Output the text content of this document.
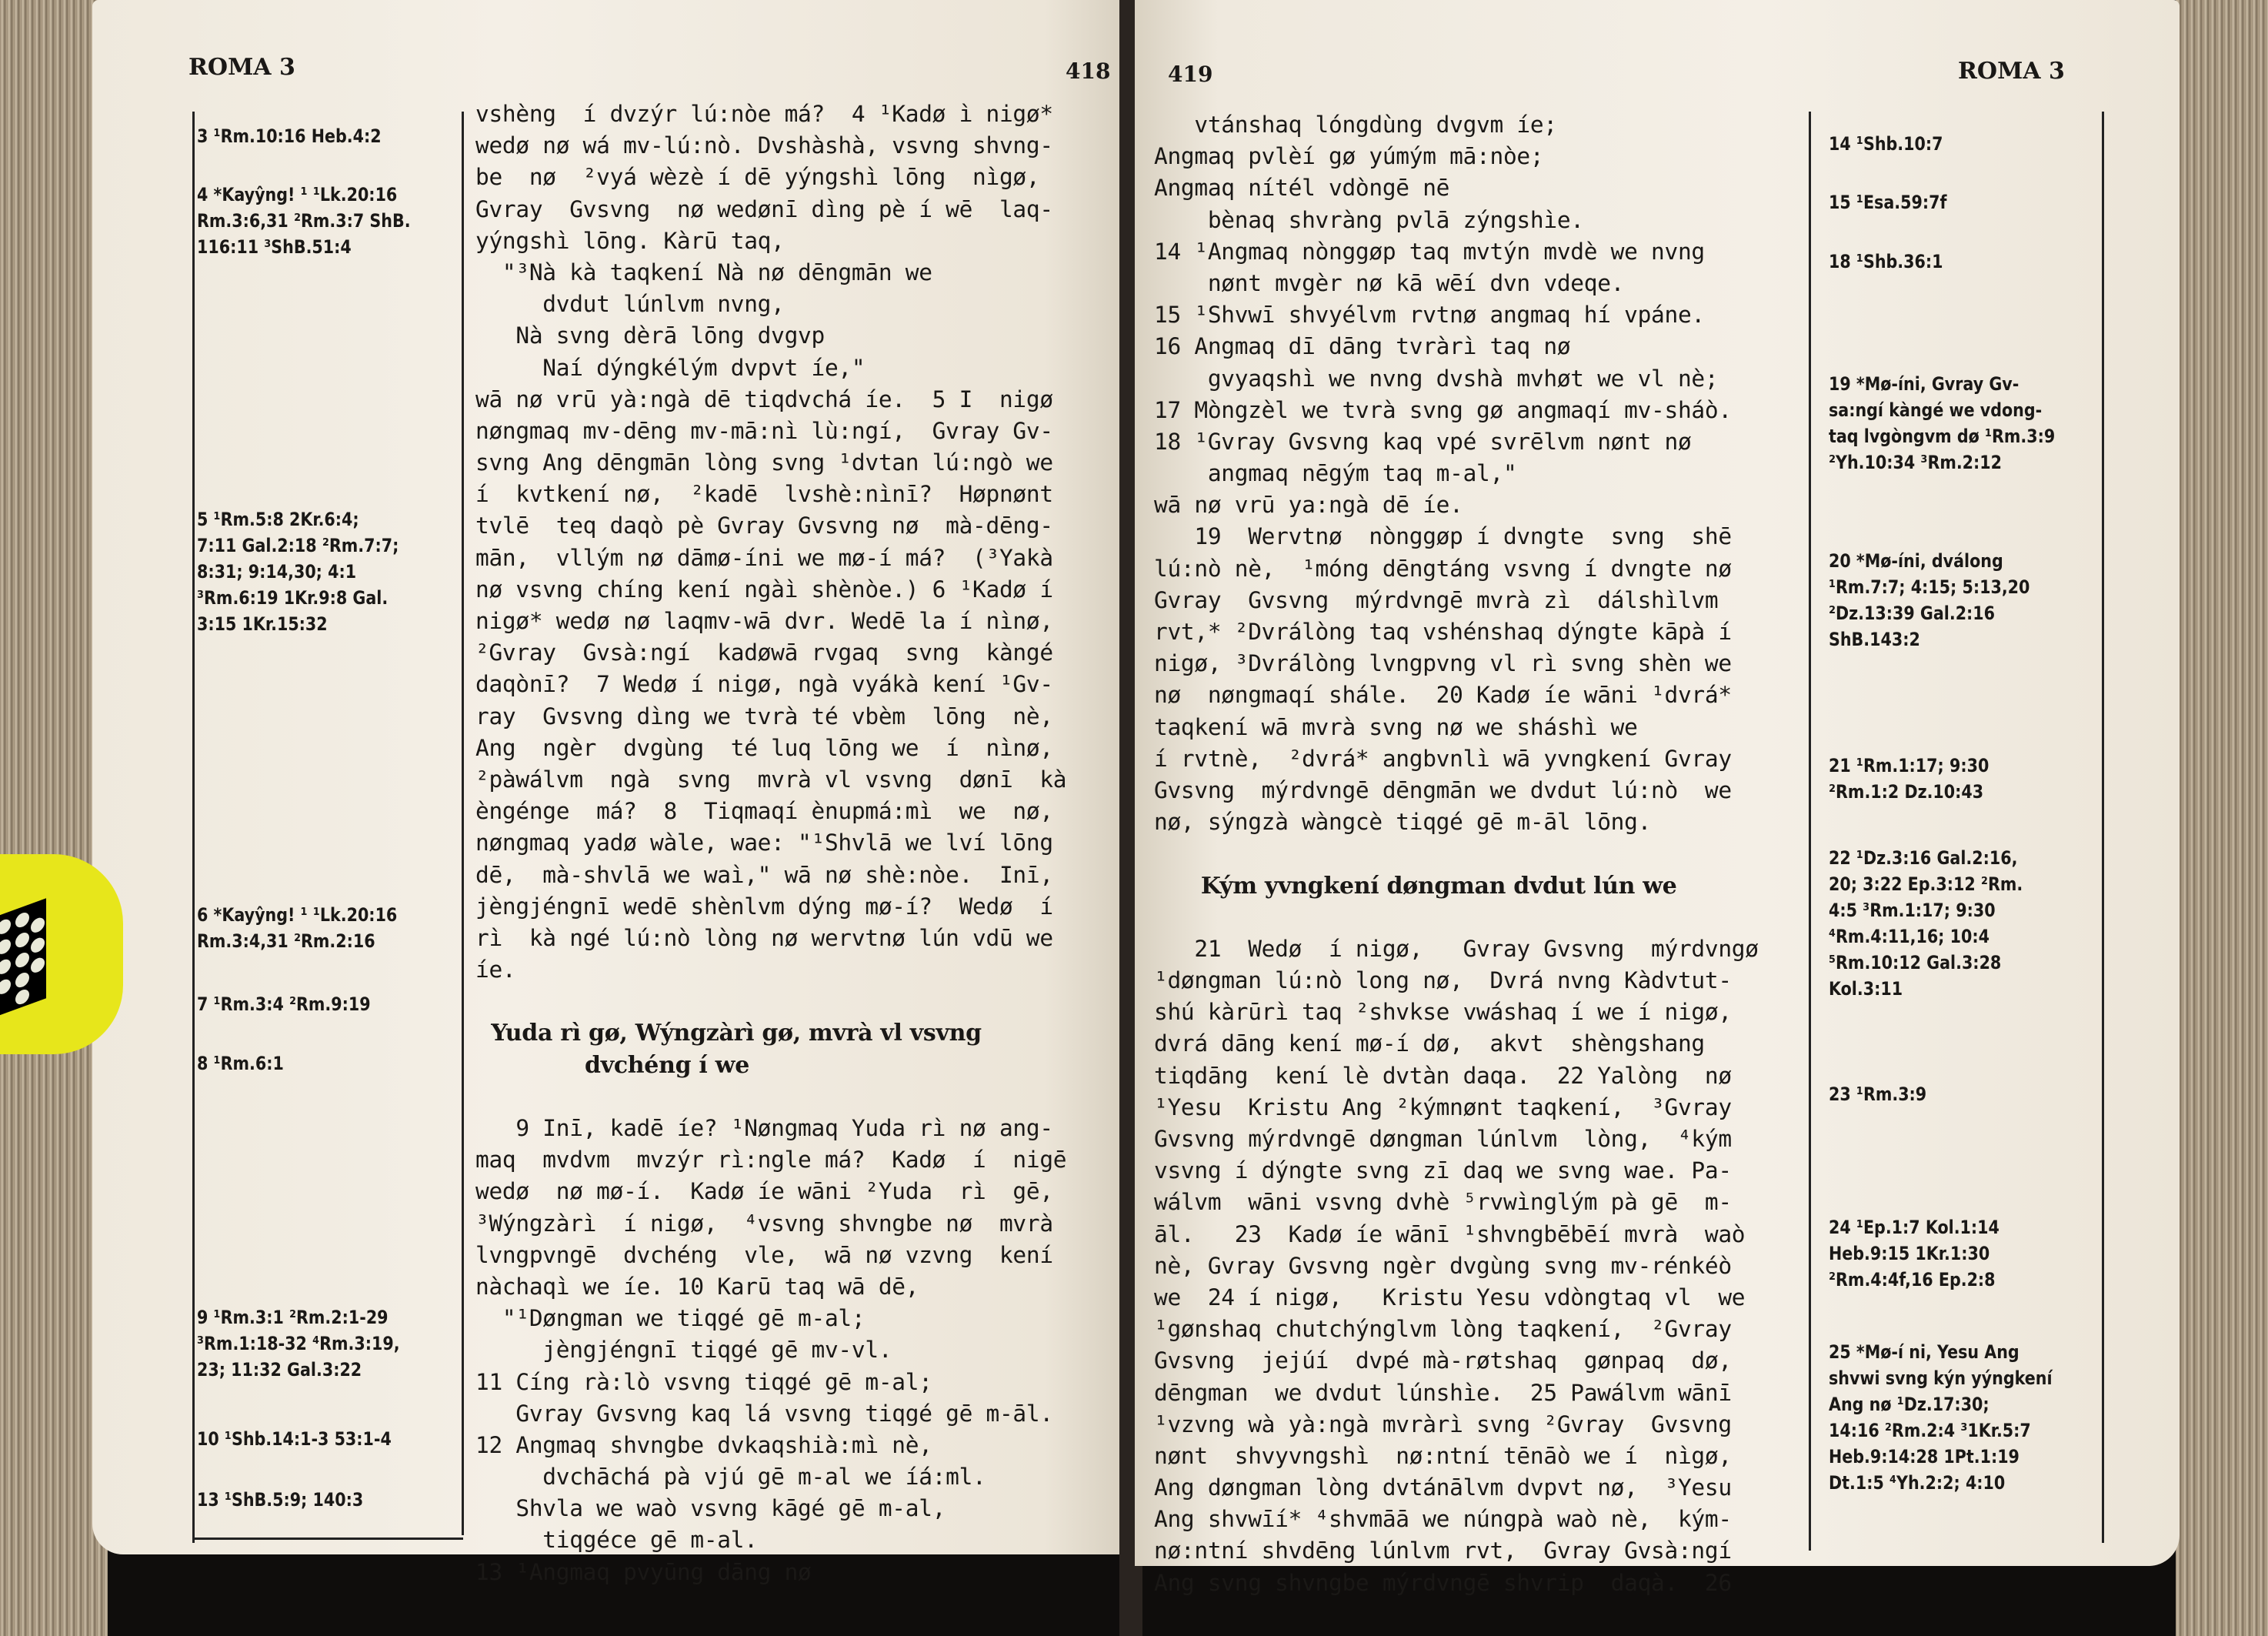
ROMA 3	418
3 ¹Rm.10:16 Heb.4:2
4 *Kayŷng! ¹ ¹Lk.20:16
Rm.3:6,31 ²Rm.3:7 ShB.
116:11 ³ShB.51:4
5 ¹Rm.5:8 2Kr.6:4;
7:11 Gal.2:18 ²Rm.7:7;
8:31; 9:14,30; 4:1
³Rm.6:19 1Kr.9:8 Gal.
3:15 1Kr.15:32
6 *Kayŷng! ¹ ¹Lk.20:16
Rm.3:4,31 ²Rm.2:16
7 ¹Rm.3:4 ²Rm.9:19
8 ¹Rm.6:1
9 ¹Rm.3:1 ²Rm.2:1-29
³Rm.1:18-32 ⁴Rm.3:19,
23; 11:32 Gal.3:22
10 ¹Shb.14:1-3 53:1-4
13 ¹ShB.5:9; 140:3
vshèng  í dvzýr lú:nòe má?  4 ¹Kadø ì nigø*
wedø nø wá mv-lú:nò. Dvshàshà, vsvng shvng-
be  nø  ²vyá wèzè í dē yýngshì lōng  nìgø,
Gvray  Gvsvng  nø wedønī dìng pè í wē  laq-
yýngshì lōng. Kàrū taq,
"³Nà kà taqkení Nà nø dēngmān we
dvdut lúnlvm nvng,
Nà svng dèrā lōng dvgvp
Naí dýngkélým dvpvt íe,"
wā nø vrū yà:ngà dē tiqdvchá íe.  5 I  nigø
nøngmaq mv-dēng mv-mā:nì lù:ngí,  Gvray Gv-
svng Ang dēngmān lòng svng ¹dvtan lú:ngò we
í  kvtkení nø,  ²kadē  lvshè:nìnī?  Høpnønt
tvlē  teq daqò pè Gvray Gvsvng nø  mà-dēng-
mān,  vllým nø dāmø-íni we mø-í má?  (³Yakà
nø vsvng chíng kení ngàì shènòe.) 6 ¹Kadø í
nigø* wedø nø laqmv-wā dvr. Wedē la í nìnø,
²Gvray  Gvsà:ngí  kadøwā rvgaq  svng  kàngé
daqònī?  7 Wedø í nigø, ngà vyákà kení ¹Gv-
ray  Gvsvng dìng we tvrà té vbèm  lōng  nè,
Ang  ngèr  dvgùng  té luq lōng we  í  nìnø,
²pàwálvm  ngà  svng  mvrà vl vsvng  dønī  kà
èngénge  má?  8  Tiqmaqí ènupmá:mì  we  nø,
nøngmaq yadø wàle, wae: "¹Shvlā we lví lōng
dē,  mà-shvlā we waì," wā nø shè:nòe.  Inī,
jèngjéngnī wedē shènlvm dýng mø-í?  Wedø  í
rì  kà ngé lú:nò lòng nø wervtnø lún vdū we
íe.
Yuda rì gø, Wýngzàrì gø, mvrà vl vsvng
dvchéng í we
9 Inī, kadē íe? ¹Nøngmaq Yuda rì nø ang-
maq  mvdvm  mvzýr rì:ngle má?  Kadø  í  nigē
wedø  nø mø-í.  Kadø íe wāni ²Yuda  rì  gē,
³Wýngzàrì  í nigø,  ⁴vsvng shvngbe nø  mvrà
lvngpvngē  dvchéng  vle,  wā nø vzvng  kení
nàchaqì we íe. 10 Karū taq wā dē,
"¹Døngman we tiqgé gē m-al;
jèngjéngnī tiqgé gē mv-vl.
11 Cíng rà:lò vsvng tiqgé gē m-al;
Gvray Gvsvng kaq lá vsvng tiqgé gē m-āl.
12 Angmaq shvngbe dvkaqshià:mì nè,
dvchāchá pà vjú gē m-al we íá:ml.
Shvla we waò vsvng kāgé gē m-al,
tiqgéce gē m-al.
13 ¹Angmaq pvyūng dāng nø
419	ROMA 3
vtánshaq lóngdùng dvgvm íe;
Angmaq pvlèí gø yúmým mā:nòe;
Angmaq nítél vdòngē nē
bènaq shvràng pvlā zýngshìe.
14 ¹Angmaq nònggøp taq mvtýn mvdè we nvng
nønt mvgèr nø kā wēí dvn vdeqe.
15 ¹Shvwī shvyélvm rvtnø angmaq hí vpáne.
16 Angmaq dī dāng tvràrì taq nø
gvyaqshì we nvng dvshà mvhøt we vl nè;
17 Mòngzèl we tvrà svng gø angmaqí mv-sháò.
18 ¹Gvray Gvsvng kaq vpé svrēlvm nønt nø
angmaq nēgým taq m-al,"
wā nø vrū ya:ngà dē íe.
19  Wervtnø  nònggøp í dvngte  svng  shē
lú:nò nè,  ¹móng dēngtáng vsvng í dvngte nø
Gvray  Gvsvng  mýrdvngē mvrà zì  dálshìlvm
rvt,* ²Dvrálòng taq vshénshaq dýngte kāpà í
nigø, ³Dvrálòng lvngpvng vl rì svng shèn we
nø  nøngmaqí shále.  20 Kadø íe wāni ¹dvrá*
taqkení wā mvrà svng nø we sháshì we
í rvtnè,  ²dvrá* angbvnlì wā yvngkení Gvray
Gvsvng  mýrdvngē dēngmān we dvdut lú:nò  we
nø, sýngzà wàngcè tiqgé gē m-āl lōng.
Kým yvngkení døngman dvdut lún we
21  Wedø  í nigø,   Gvray Gvsvng  mýrdvngø
¹døngman lú:nò long nø,  Dvrá nvng Kàdvtut-
shú kàrūrì taq ²shvkse vwáshaq í we í nigø,
dvrá dāng kení mø-í dø,  akvt  shèngshang
tiqdāng  kení lè dvtàn daqa.  22 Yalòng  nø
¹Yesu  Kristu Ang ²kýmnønt taqkení,  ³Gvray
Gvsvng mýrdvngē døngman lúnlvm  lòng,  ⁴kým
vsvng í dýngte svng zī daq we svng wae. Pa-
wálvm  wāni vsvng dvhè ⁵rvwìnglým pà gē  m-
āl.   23  Kadø íe wānī ¹shvngbēbēí mvrà  waò
nè, Gvray Gvsvng ngèr dvgùng svng mv-rénkéò
we  24 í nigø,   Kristu Yesu vdòngtaq vl  we
¹gønshaq chutchýnglvm lòng taqkení,  ²Gvray
Gvsvng  jejúí  dvpé mà-røtshaq  gønpaq  dø,
dēngman  we dvdut lúnshìe.  25 Pawálvm wānī
¹vzvng wà yà:ngà mvràrì svng ²Gvray  Gvsvng
nønt  shvyvngshì  nø:ntní tēnāò we í  nìgø,
Ang døngman lòng dvtánālvm dvpvt nø,  ³Yesu
Ang shvwīí* ⁴shvmāā we núngpà waò nè,  kým-
nø:ntní shvdēng lúnlvm rvt,  Gvray Gvsà:ngí
Ang svng shvngbe mýrdvngē shvrip  daqà.  26
14 ¹Shb.10:7
15 ¹Esa.59:7f
18 ¹Shb.36:1
19 *Mø-íni, Gvray Gv-
sa:ngí kàngé we vdong-
taq lvgòngvm dø ¹Rm.3:9
²Yh.10:34 ³Rm.2:12
20 *Mø-íni, dválong
¹Rm.7:7; 4:15; 5:13,20
²Dz.13:39 Gal.2:16
ShB.143:2
21 ¹Rm.1:17; 9:30
²Rm.1:2 Dz.10:43
22 ¹Dz.3:16 Gal.2:16,
20; 3:22 Ep.3:12 ²Rm.
4:5 ³Rm.1:17; 9:30
⁴Rm.4:11,16; 10:4
⁵Rm.10:12 Gal.3:28
Kol.3:11
23 ¹Rm.3:9
24 ¹Ep.1:7 Kol.1:14
Heb.9:15 1Kr.1:30
²Rm.4:4f,16 Ep.2:8
25 *Mø-í ni, Yesu Ang
shvwi svng kýn yýngkení
Ang nø ¹Dz.17:30;
14:16 ²Rm.2:4 ³1Kr.5:7
Heb.9:14:28 1Pt.1:19
Dt.1:5 ⁴Yh.2:2; 4:10
